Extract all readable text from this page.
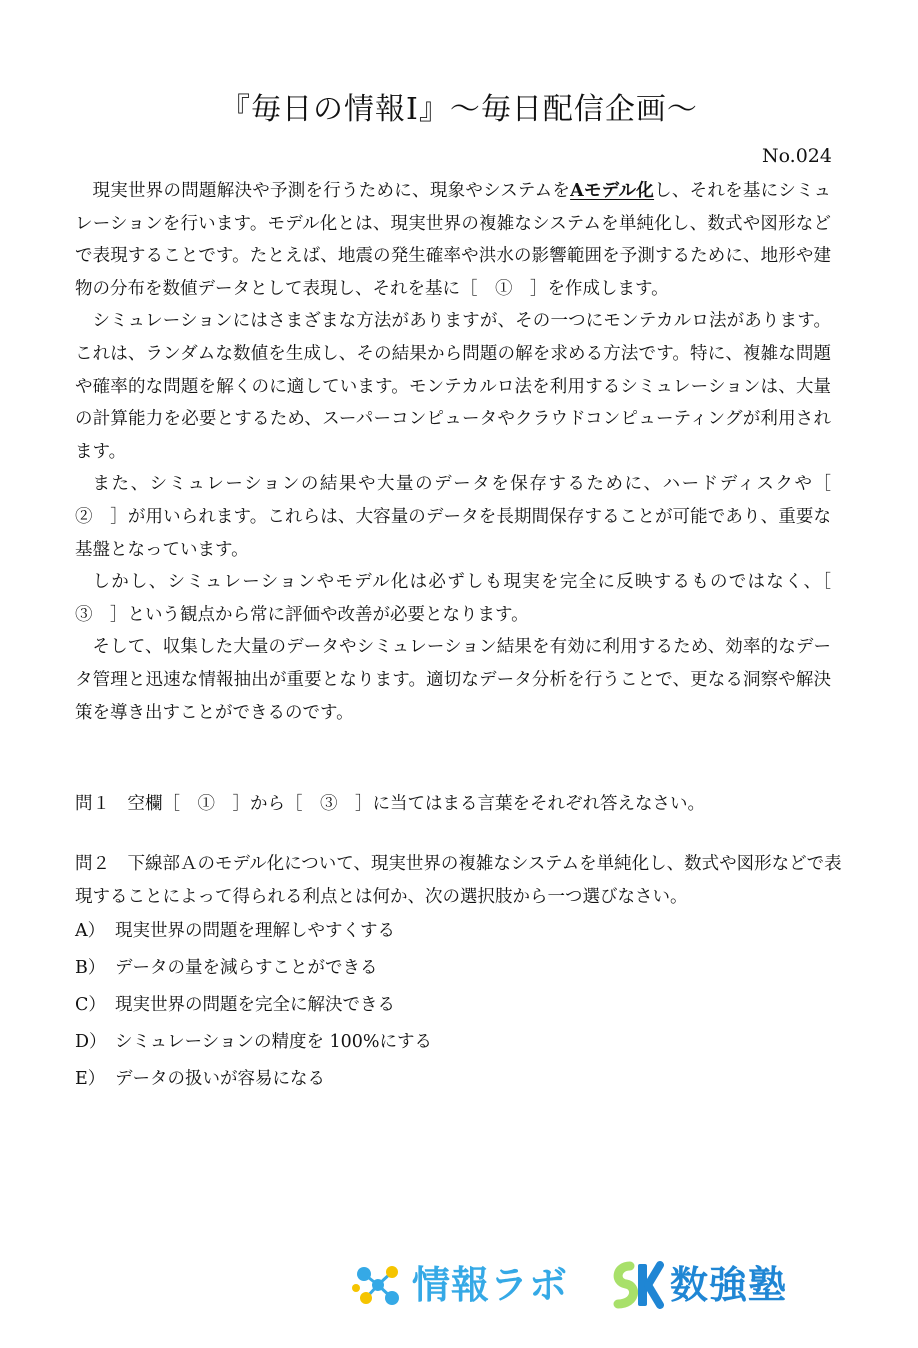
『毎日の情報Ⅰ』〜毎日配信企画〜
No.024

現実世界の問題解決や予測を行うために、現象やシステムをAモデル化し、それを基にシミュレーションを行います。モデル化とは、現実世界の複雑なシステムを単純化し、数式や図形などで表現することです。たとえば、地震の発生確率や洪水の影響範囲を予測するために、地形や建物の分布を数値データとして表現し、それを基に［　①　］を作成します。

シミュレーションにはさまざまな方法がありますが、その一つにモンテカルロ法があります。これは、ランダムな数値を生成し、その結果から問題の解を求める方法です。特に、複雑な問題や確率的な問題を解くのに適しています。モンテカルロ法を利用するシミュレーションは、大量の計算能力を必要とするため、スーパーコンピュータやクラウドコンピューティングが利用されます。

また、シミュレーションの結果や大量のデータを保存するために、ハードディスクや［　②　］が用いられます。これらは、大容量のデータを長期間保存することが可能であり、重要な基盤となっています。

しかし、シミュレーションやモデル化は必ずしも現実を完全に反映するものではなく、［　③　］という観点から常に評価や改善が必要となります。

そして、収集した大量のデータやシミュレーション結果を有効に利用するため、効率的なデータ管理と迅速な情報抽出が重要となります。適切なデータ分析を行うことで、更なる洞察や解決策を導き出すことができるのです。

問１　空欄［　①　］から［　③　］に当てはまる言葉をそれぞれ答えなさい。
問２　下線部Ａのモデル化について、現実世界の複雑なシステムを単純化し、数式や図形などで表現することによって得られる利点とは何か、次の選択肢から一つ選びなさい。
A） 現実世界の問題を理解しやすくする
B） データの量を減らすことができる
C） 現実世界の問題を完全に解決できる
D） シミュレーションの精度を 100%にする
E） データの扱いが容易になる
情報ラボ	数強塾
